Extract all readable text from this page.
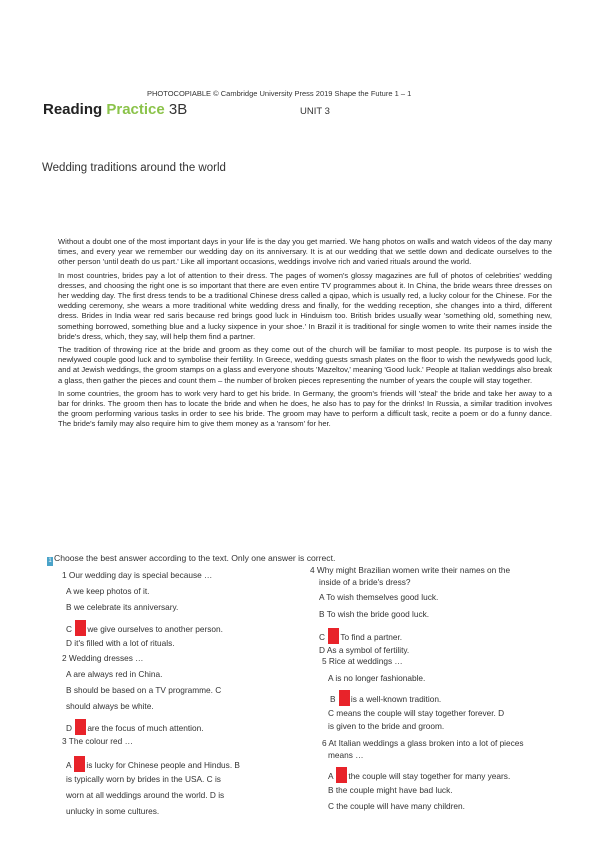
PHOTOCOPIABLE © Cambridge University Press 2019 Shape the Future 1 – 1
Reading Practice 3B	UNIT 3
Wedding traditions around the world

Without a doubt one of the most important days in your life is the day you get married. We hang photos on walls and watch videos of the day many times, and every year we remember our wedding day on its anniversary. It is at our wedding that we settle down and dedicate ourselves to the other person 'until death do us part.' Like all important occasions, weddings involve rich and varied rituals around the world.

In most countries, brides pay a lot of attention to their dress. The pages of women's glossy magazines are full of photos of celebrities' wedding dresses, and choosing the right one is so important that there are even entire TV programmes about it. In China, the bride wears three dresses on her wedding day. The first dress tends to be a traditional Chinese dress called a qipao, which is usually red, a lucky colour for the Chinese. For the wedding ceremony, she wears a more traditional white wedding dress and finally, for the wedding reception, she changes into a third, different dress. Brides in India wear red saris because red brings good luck in Hinduism too. British brides usually wear 'something old, something new, something borrowed, something blue and a lucky sixpence in your shoe.' In Brazil it is traditional for single women to write their names inside the bride's dress, which, they say, will help them find a partner.

The tradition of throwing rice at the bride and groom as they come out of the church will be familiar to most people. Its purpose is to wish the newlywed couple good luck and to symbolise their fertility. In Greece, wedding guests smash plates on the floor to wish the newlyweds good luck, and at Jewish weddings, the groom stamps on a glass and everyone shouts 'Mazeltov,' meaning 'Good luck.' People at Italian weddings also break a glass, then gather the pieces and count them – the number of broken pieces representing the number of years the couple will stay together.

In some countries, the groom has to work very hard to get his bride. In Germany, the groom's friends will 'steal' the bride and take her away to a bar for drinks. The groom then has to locate the bride and when he does, he also has to pay for the drinks! In Russia, a similar tradition involves the groom performing various tasks in order to see his bride. The groom may have to perform a difficult task, recite a poem or do a funny dance. The bride's family may also require him to give them money as a 'ransom' for her.

1 Choose the best answer according to the text. Only one answer is correct.
1 Our wedding day is special because …
A we keep photos of it.
B we celebrate its anniversary.
C we give ourselves to another person.
D it's filled with a lot of rituals.
2 Wedding dresses …
A are always red in China.
B should be based on a TV programme. C
should always be white.
D are the focus of much attention.
3 The colour red …
A is lucky for Chinese people and Hindus. B
is typically worn by brides in the USA. C is
worn at all weddings around the world. D is
unlucky in some cultures.
4 Why might Brazilian women write their names on the
inside of a bride's dress?
A To wish themselves good luck.
B To wish the bride good luck.
C To find a partner.
D As a symbol of fertility.
5 Rice at weddings …
A is no longer fashionable.
B is a well-known tradition.
C means the couple will stay together forever. D
is given to the bride and groom.
6 At Italian weddings a glass broken into a lot of pieces
means …
A the couple will stay together for many years.
B the couple might have bad luck.
C the couple will have many children.
